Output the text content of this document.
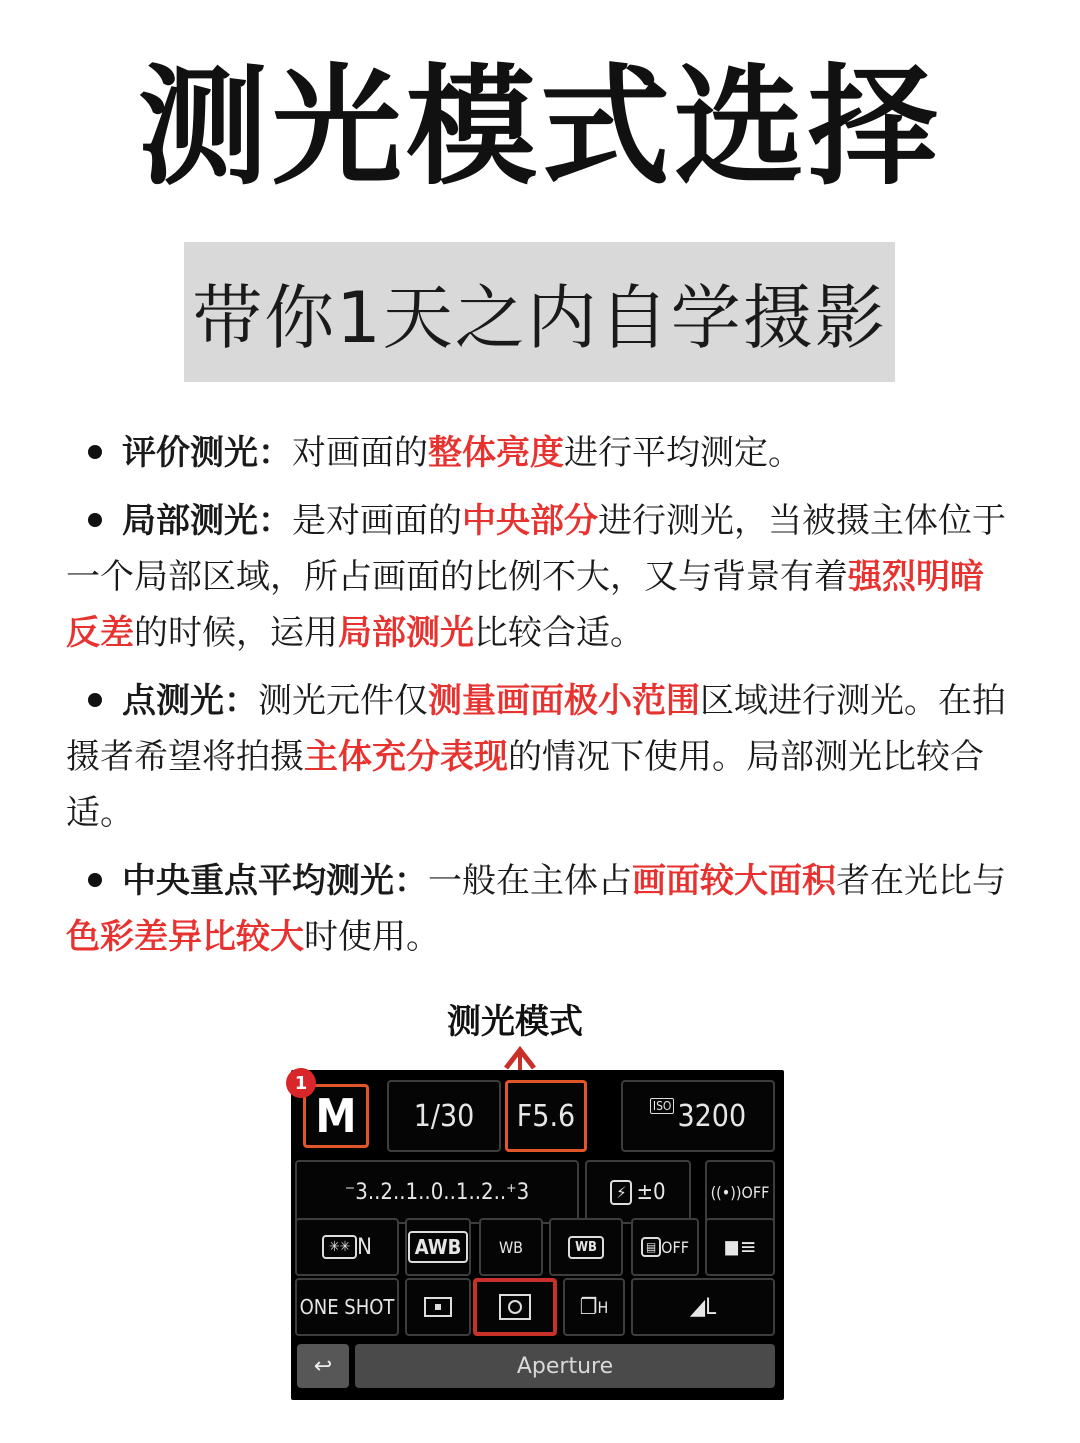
测光模式选择
带你1天之内自学摄影
评价测光：对画面的整体亮度进行平均测定。
局部测光：是对画面的中央部分进行测光，当被摄主体位于一个局部区域，所占画面的比例不大，又与背景有着强烈明暗反差的时候，运用局部测光比较合适。
点测光：测光元件仅测量画面极小范围区域进行测光。在拍摄者希望将拍摄主体充分表现的情况下使用。局部测光比较合适。
中央重点平均测光：一般在主体占画面较大面积者在光比与色彩差异比较大时使用。
测光模式
M
1
1/30 F5.6	ISO 3200
⁻3..2..1..0..1..2..⁺3	⚡ ±0	((•)) OFF
✳✳ N	AWB	WB	WB	▤ OFF ◼ ≡
ONE SHOT	❐ H	◢ L
↩	Aperture
